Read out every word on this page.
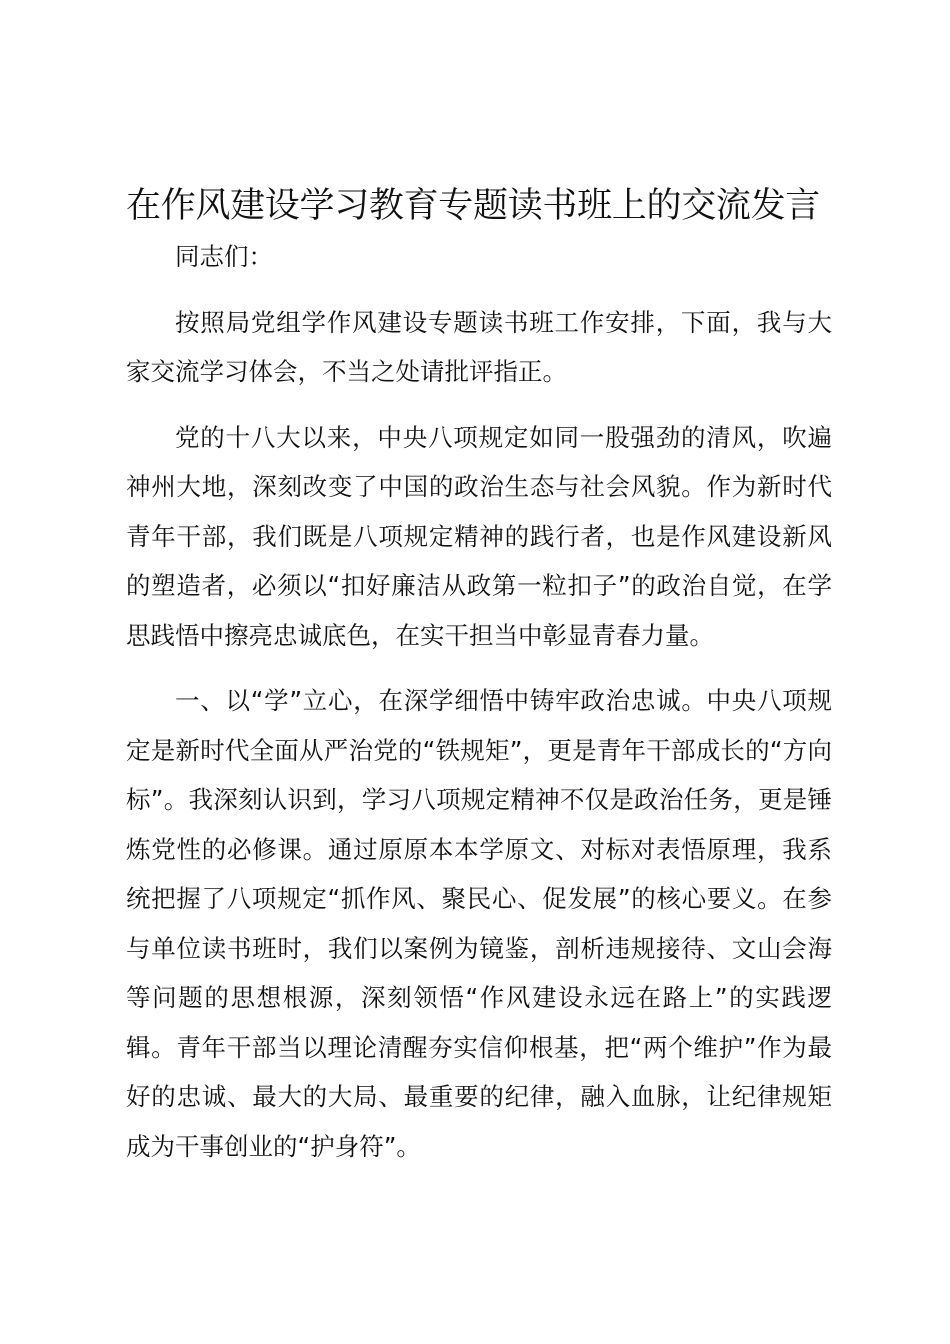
在作风建设学习教育专题读书班上的交流发言

同志们：

按照局党组学作风建设专题读书班工作安排，下面，我与大家交流学习体会，不当之处请批评指正。

党的十八大以来，中央八项规定如同一股强劲的清风，吹遍神州大地，深刻改变了中国的政治生态与社会风貌。作为新时代青年干部，我们既是八项规定精神的践行者，也是作风建设新风的塑造者，必须以“扣好廉洁从政第一粒扣子”的政治自觉，在学思践悟中擦亮忠诚底色，在实干担当中彰显青春力量。

一、以“学”立心，在深学细悟中铸牢政治忠诚。中央八项规定是新时代全面从严治党的“铁规矩”，更是青年干部成长的“方向标”。我深刻认识到，学习八项规定精神不仅是政治任务，更是锤炼党性的必修课。通过原原本本学原文、对标对表悟原理，我系统把握了八项规定“抓作风、聚民心、促发展”的核心要义。在参与单位读书班时，我们以案例为镜鉴，剖析违规接待、文山会海等问题的思想根源，深刻领悟“作风建设永远在路上”的实践逻辑。青年干部当以理论清醒夯实信仰根基，把“两个维护”作为最好的忠诚、最大的大局、最重要的纪律，融入血脉，让纪律规矩成为干事创业的“护身符”。
